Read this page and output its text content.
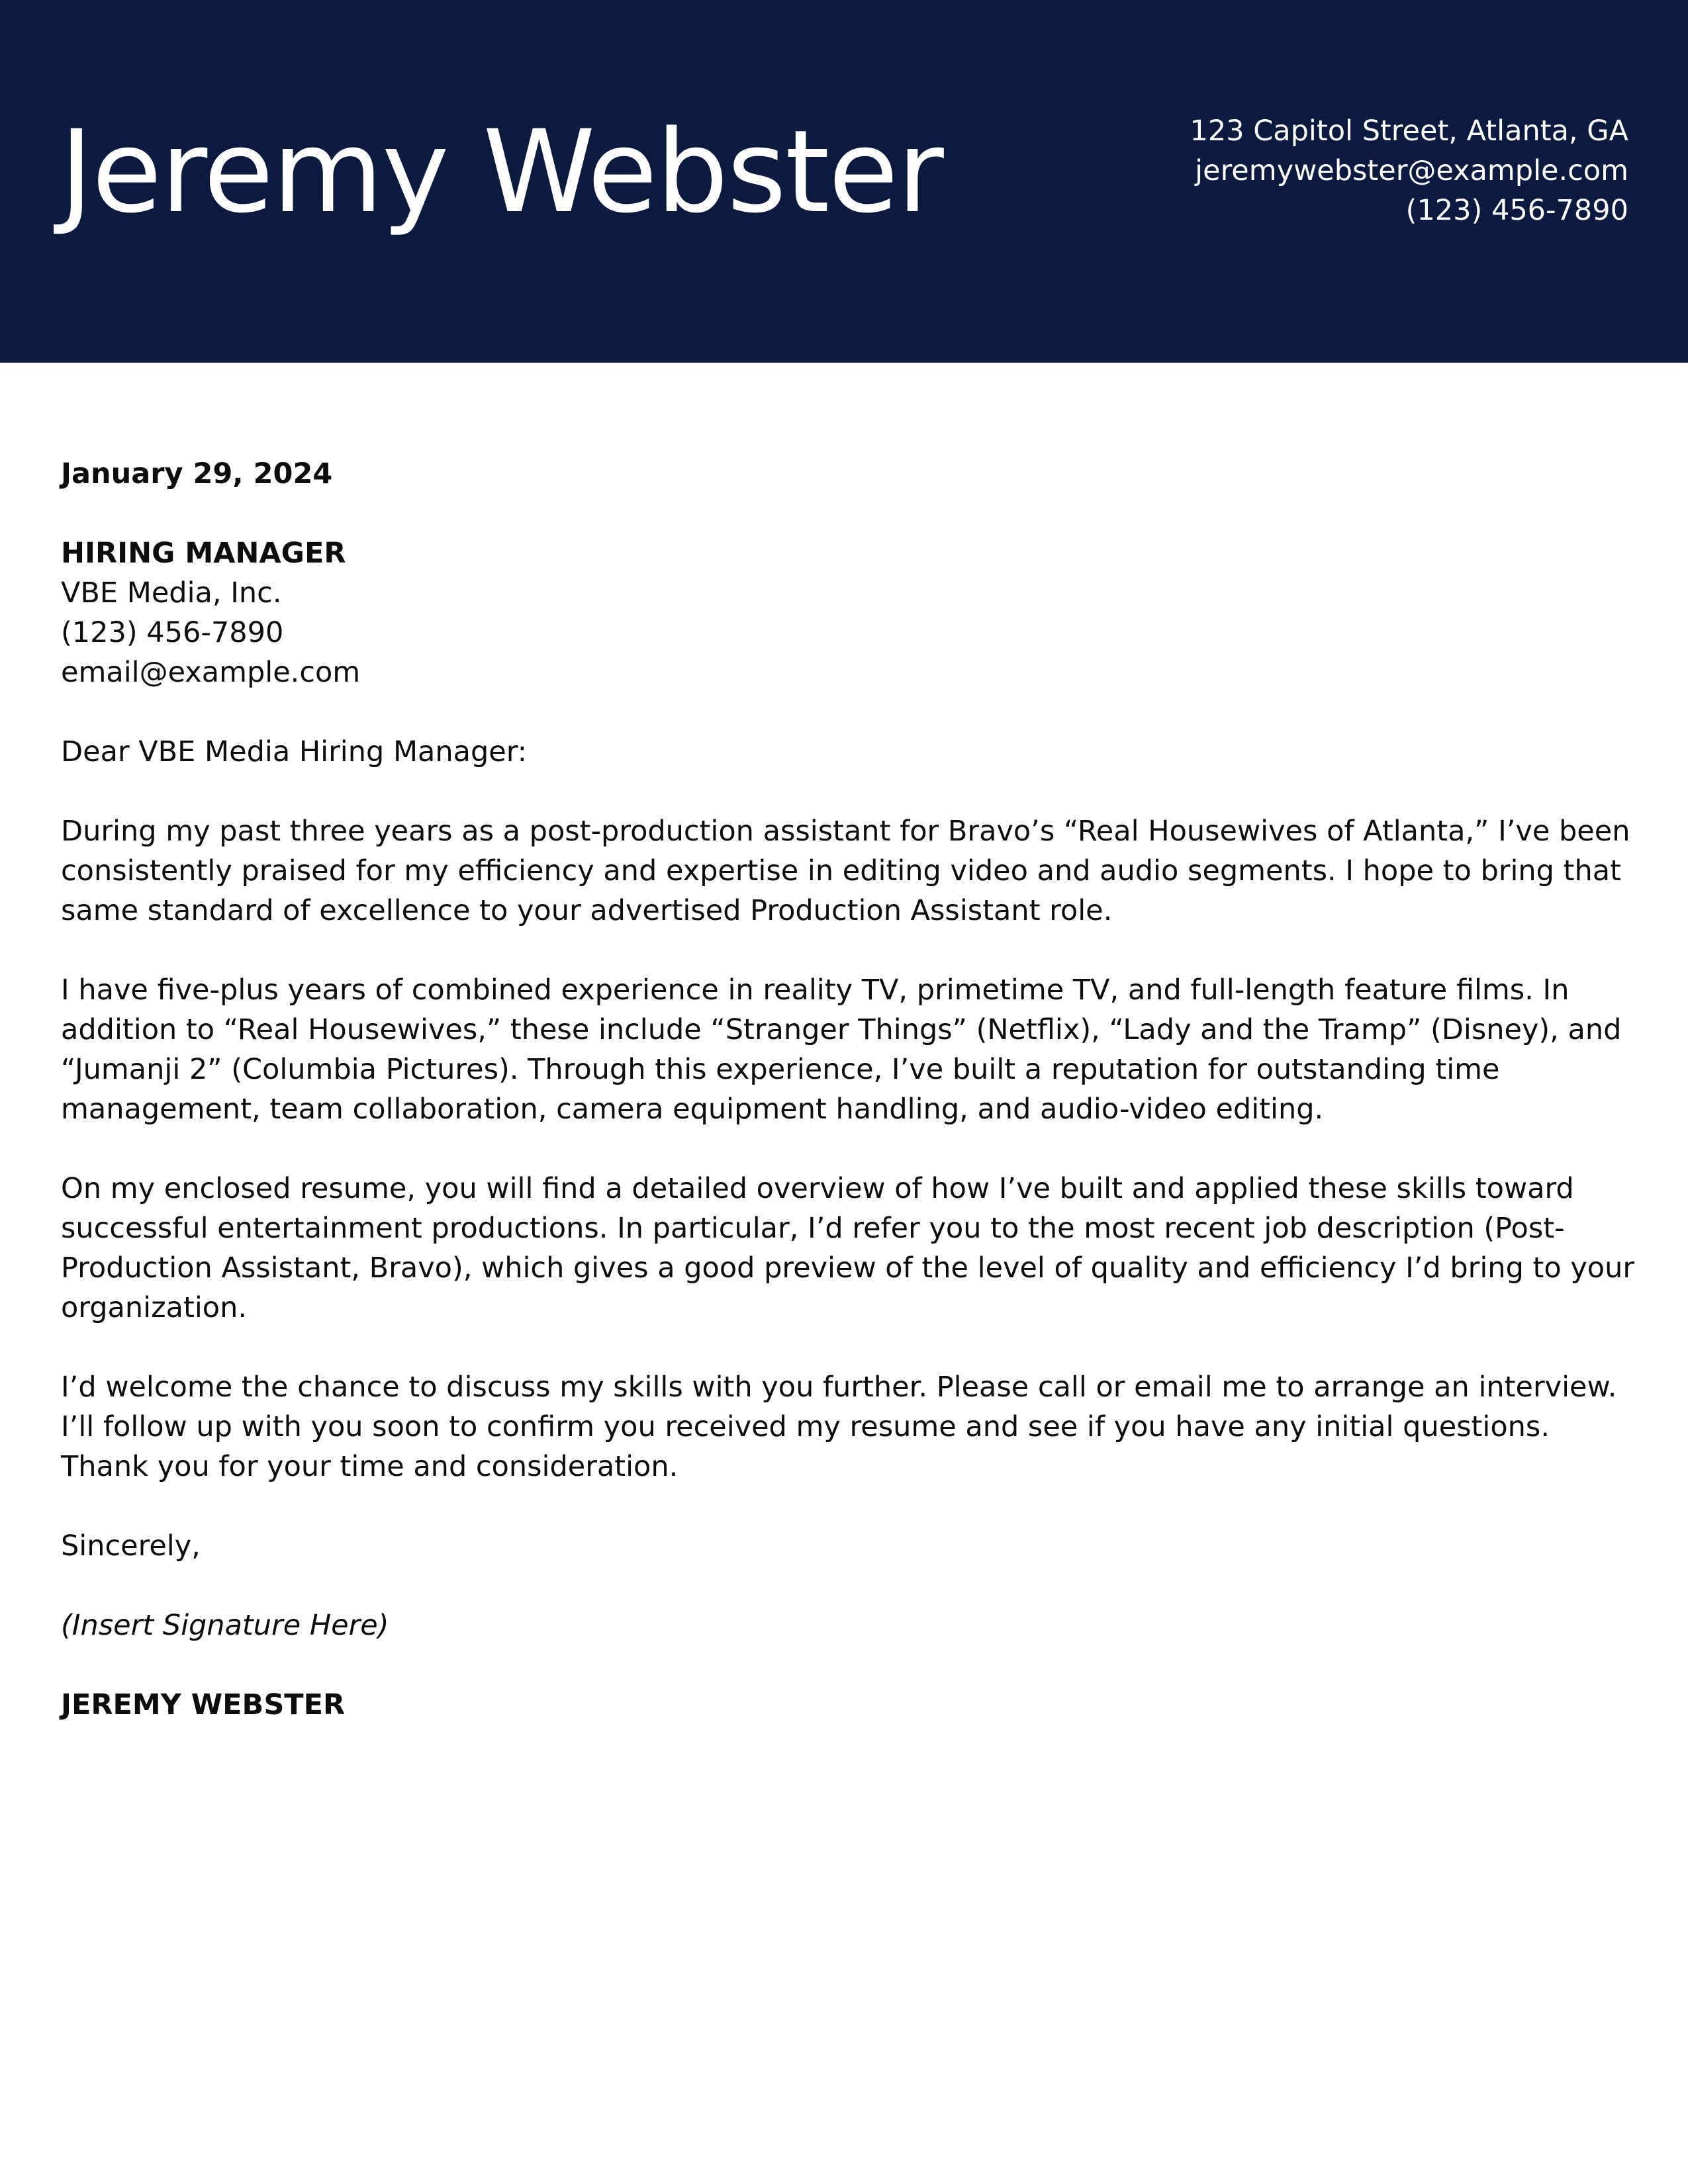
Jeremy Webster	123 Capitol Street, Atlanta, GA
jeremywebster@example.com
(123) 456-7890

January 29, 2024

HIRING MANAGER
VBE Media, Inc.
(123) 456-7890
email@example.com

Dear VBE Media Hiring Manager:

During my past three years as a post-production assistant for Bravo’s “Real Housewives of Atlanta,” I’ve been consistently praised for my efficiency and expertise in editing video and audio segments. I hope to bring that same standard of excellence to your advertised Production Assistant role.

I have five-plus years of combined experience in reality TV, primetime TV, and full-length feature films. In addition to “Real Housewives,” these include “Stranger Things” (Netflix), “Lady and the Tramp” (Disney), and “Jumanji 2” (Columbia Pictures). Through this experience, I’ve built a reputation for outstanding time management, team collaboration, camera equipment handling, and audio-video editing.

On my enclosed resume, you will find a detailed overview of how I’ve built and applied these skills toward successful entertainment productions. In particular, I’d refer you to the most recent job description (Post-Production Assistant, Bravo), which gives a good preview of the level of quality and efficiency I’d bring to your organization.

I’d welcome the chance to discuss my skills with you further. Please call or email me to arrange an interview. I’ll follow up with you soon to confirm you received my resume and see if you have any initial questions. Thank you for your time and consideration.

Sincerely,

(Insert Signature Here)

JEREMY WEBSTER
